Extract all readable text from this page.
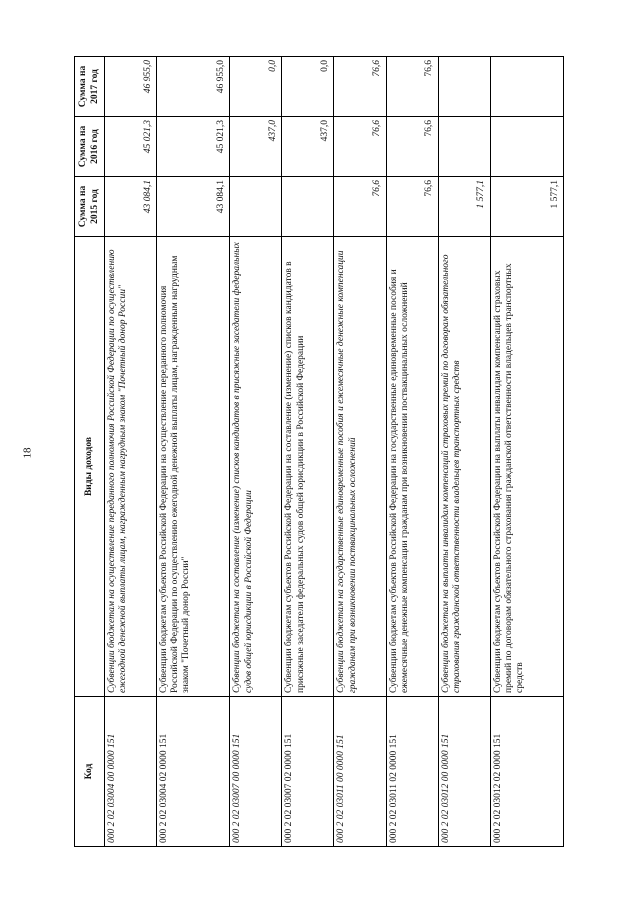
18
Код	Виды доходов	Сумма на 2015 год	Сумма на 2016 год	Сумма на 2017 год
000 2 02 03004 00 0000 151	Субвенции бюджетам на осуществление переданного полномочия Российской Федерации по осуществлению ежегодной денежной выплаты лицам, награжденным нагрудным знаком "Почетный донор России"	43 084,1	45 021,3	46 955,0
000 2 02 03004 02 0000 151	Субвенции бюджетам субъектов Российской Федерации на осуществление переданного полномочия Российской Федерации по осуществлению ежегодной денежной выплаты лицам, награжденным нагрудным знаком "Почетный донор России"	43 084,1	45 021,3	46 955,0
000 2 02 03007 00 0000 151	Субвенции бюджетам на составление (изменение) списков кандидатов в присяжные заседатели федеральных судов общей юрисдикции в Российской Федерации		437,0	0,0
000 2 02 03007 02 0000 151	Субвенции бюджетам субъектов Российской Федерации на составление (изменение) списков кандидатов в присяжные заседатели федеральных судов общей юрисдикции в Российской Федерации		437,0	0,0
000 2 02 03011 00 0000 151	Субвенции бюджетам на государственные единовременные пособия и ежемесячные денежные компенсации гражданам при возникновении поствакцинальных осложнений	76,6	76,6	76,6
000 2 02 03011 02 0000 151	Субвенции бюджетам субъектов Российской Федерации на государственные единовременные пособия и ежемесячные денежные компенсации гражданам при возникновении поствакцинальных осложнений	76,6	76,6	76,6
000 2 02 03012 00 0000 151	Субвенции бюджетам на выплаты инвалидам компенсаций страховых премий по договорам обязательного страхования гражданской ответственности владельцев транспортных средств	1 577,1		
000 2 02 03012 02 0000 151	Субвенции бюджетам субъектов Российской Федерации на выплаты инвалидам компенсаций страховых премий по договорам обязательного страхования гражданской ответственности владельцев транспортных средств	1 577,1		
